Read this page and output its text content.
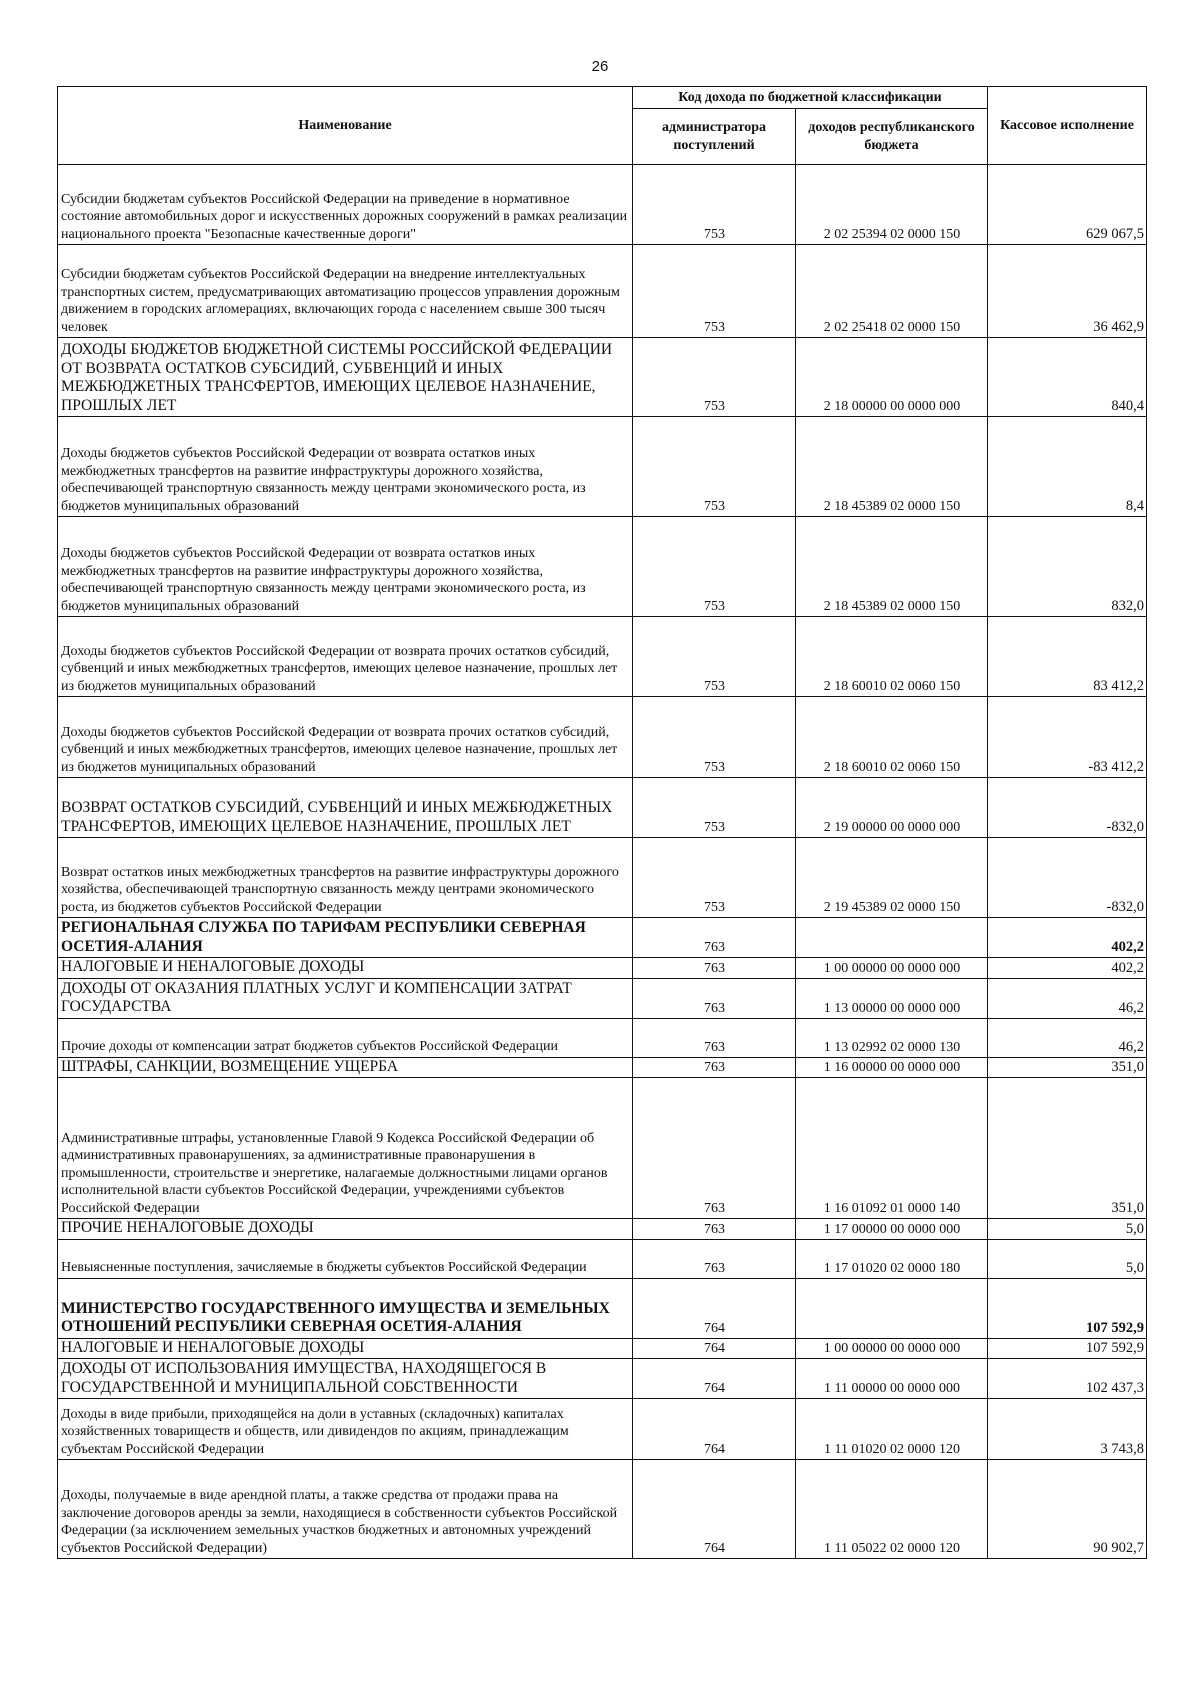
26
Наименование	Код дохода по бюджетной классификации		Кассовое исполнение
	администратора поступлений	доходов республиканского бюджета	
Субсидии бюджетам субъектов Российской Федерации на приведение в нормативное состояние автомобильных дорог и искусственных дорожных сооружений в рамках реализации национального проекта "Безопасные качественные дороги"	753	2 02 25394 02 0000 150	629 067,5
Субсидии бюджетам субъектов Российской Федерации на внедрение интеллектуальных транспортных систем, предусматривающих автоматизацию процессов управления дорожным движением в городских агломерациях, включающих города с населением свыше 300 тысяч человек	753	2 02 25418 02 0000 150	36 462,9
ДОХОДЫ БЮДЖЕТОВ БЮДЖЕТНОЙ СИСТЕМЫ РОССИЙСКОЙ ФЕДЕРАЦИИ ОТ ВОЗВРАТА ОСТАТКОВ СУБСИДИЙ, СУБВЕНЦИЙ И ИНЫХ МЕЖБЮДЖЕТНЫХ ТРАНСФЕРТОВ, ИМЕЮЩИХ ЦЕЛЕВОЕ НАЗНАЧЕНИЕ, ПРОШЛЫХ ЛЕТ	753	2 18 00000 00 0000 000	840,4
Доходы бюджетов субъектов Российской Федерации от возврата остатков иных межбюджетных трансфертов на развитие инфраструктуры дорожного хозяйства, обеспечивающей транспортную связанность между центрами экономического роста, из бюджетов муниципальных образований	753	2 18 45389 02 0000 150	8,4
Доходы бюджетов субъектов Российской Федерации от возврата остатков иных межбюджетных трансфертов на развитие инфраструктуры дорожного хозяйства, обеспечивающей транспортную связанность между центрами экономического роста, из бюджетов муниципальных образований	753	2 18 45389 02 0000 150	832,0
Доходы бюджетов субъектов Российской Федерации от возврата прочих остатков субсидий, субвенций и иных межбюджетных трансфертов, имеющих целевое назначение, прошлых лет из бюджетов муниципальных образований	753	2 18 60010 02 0060 150	83 412,2
Доходы бюджетов субъектов Российской Федерации от возврата прочих остатков субсидий, субвенций и иных межбюджетных трансфертов, имеющих целевое назначение, прошлых лет из бюджетов муниципальных образований	753	2 18 60010 02 0060 150	-83 412,2
ВОЗВРАТ ОСТАТКОВ СУБСИДИЙ, СУБВЕНЦИЙ И ИНЫХ МЕЖБЮДЖЕТНЫХ ТРАНСФЕРТОВ, ИМЕЮЩИХ ЦЕЛЕВОЕ НАЗНАЧЕНИЕ, ПРОШЛЫХ ЛЕТ	753	2 19 00000 00 0000 000	-832,0
Возврат остатков иных межбюджетных трансфертов на развитие инфраструктуры дорожного хозяйства, обеспечивающей транспортную связанность между центрами экономического роста, из бюджетов субъектов Российской Федерации	753	2 19 45389 02 0000 150	-832,0
РЕГИОНАЛЬНАЯ СЛУЖБА ПО ТАРИФАМ РЕСПУБЛИКИ СЕВЕРНАЯ ОСЕТИЯ-АЛАНИЯ	763		402,2
НАЛОГОВЫЕ И НЕНАЛОГОВЫЕ ДОХОДЫ	763	1 00 00000 00 0000 000	402,2
ДОХОДЫ ОТ ОКАЗАНИЯ ПЛАТНЫХ УСЛУГ И КОМПЕНСАЦИИ ЗАТРАТ ГОСУДАРСТВА	763	1 13 00000 00 0000 000	46,2
Прочие доходы от компенсации затрат бюджетов субъектов Российской Федерации	763	1 13 02992 02 0000 130	46,2
ШТРАФЫ, САНКЦИИ, ВОЗМЕЩЕНИЕ УЩЕРБА	763	1 16 00000 00 0000 000	351,0
Административные штрафы, установленные Главой 9 Кодекса Российской Федерации об административных правонарушениях, за административные правонарушения в промышленности, строительстве и энергетике, налагаемые должностными лицами органов исполнительной власти субъектов Российской Федерации, учреждениями субъектов Российской Федерации	763	1 16 01092 01 0000 140	351,0
ПРОЧИЕ НЕНАЛОГОВЫЕ ДОХОДЫ	763	1 17 00000 00 0000 000	5,0
Невыясненные поступления, зачисляемые в бюджеты субъектов Российской Федерации	763	1 17 01020 02 0000 180	5,0
МИНИСТЕРСТВО ГОСУДАРСТВЕННОГО ИМУЩЕСТВА И ЗЕМЕЛЬНЫХ ОТНОШЕНИЙ РЕСПУБЛИКИ СЕВЕРНАЯ ОСЕТИЯ-АЛАНИЯ	764		107 592,9
НАЛОГОВЫЕ И НЕНАЛОГОВЫЕ ДОХОДЫ	764	1 00 00000 00 0000 000	107 592,9
ДОХОДЫ ОТ ИСПОЛЬЗОВАНИЯ ИМУЩЕСТВА, НАХОДЯЩЕГОСЯ В ГОСУДАРСТВЕННОЙ И МУНИЦИПАЛЬНОЙ СОБСТВЕННОСТИ	764	1 11 00000 00 0000 000	102 437,3
Доходы в виде прибыли, приходящейся на доли в уставных (складочных) капиталах хозяйственных товариществ и обществ, или дивидендов по акциям, принадлежащим субъектам Российской Федерации	764	1 11 01020 02 0000 120	3 743,8
Доходы, получаемые в виде арендной платы, а также средства от продажи права на заключение договоров аренды за земли, находящиеся в собственности субъектов Российской Федерации (за исключением земельных участков бюджетных и автономных учреждений субъектов Российской Федерации)	764	1 11 05022 02 0000 120	90 902,7
